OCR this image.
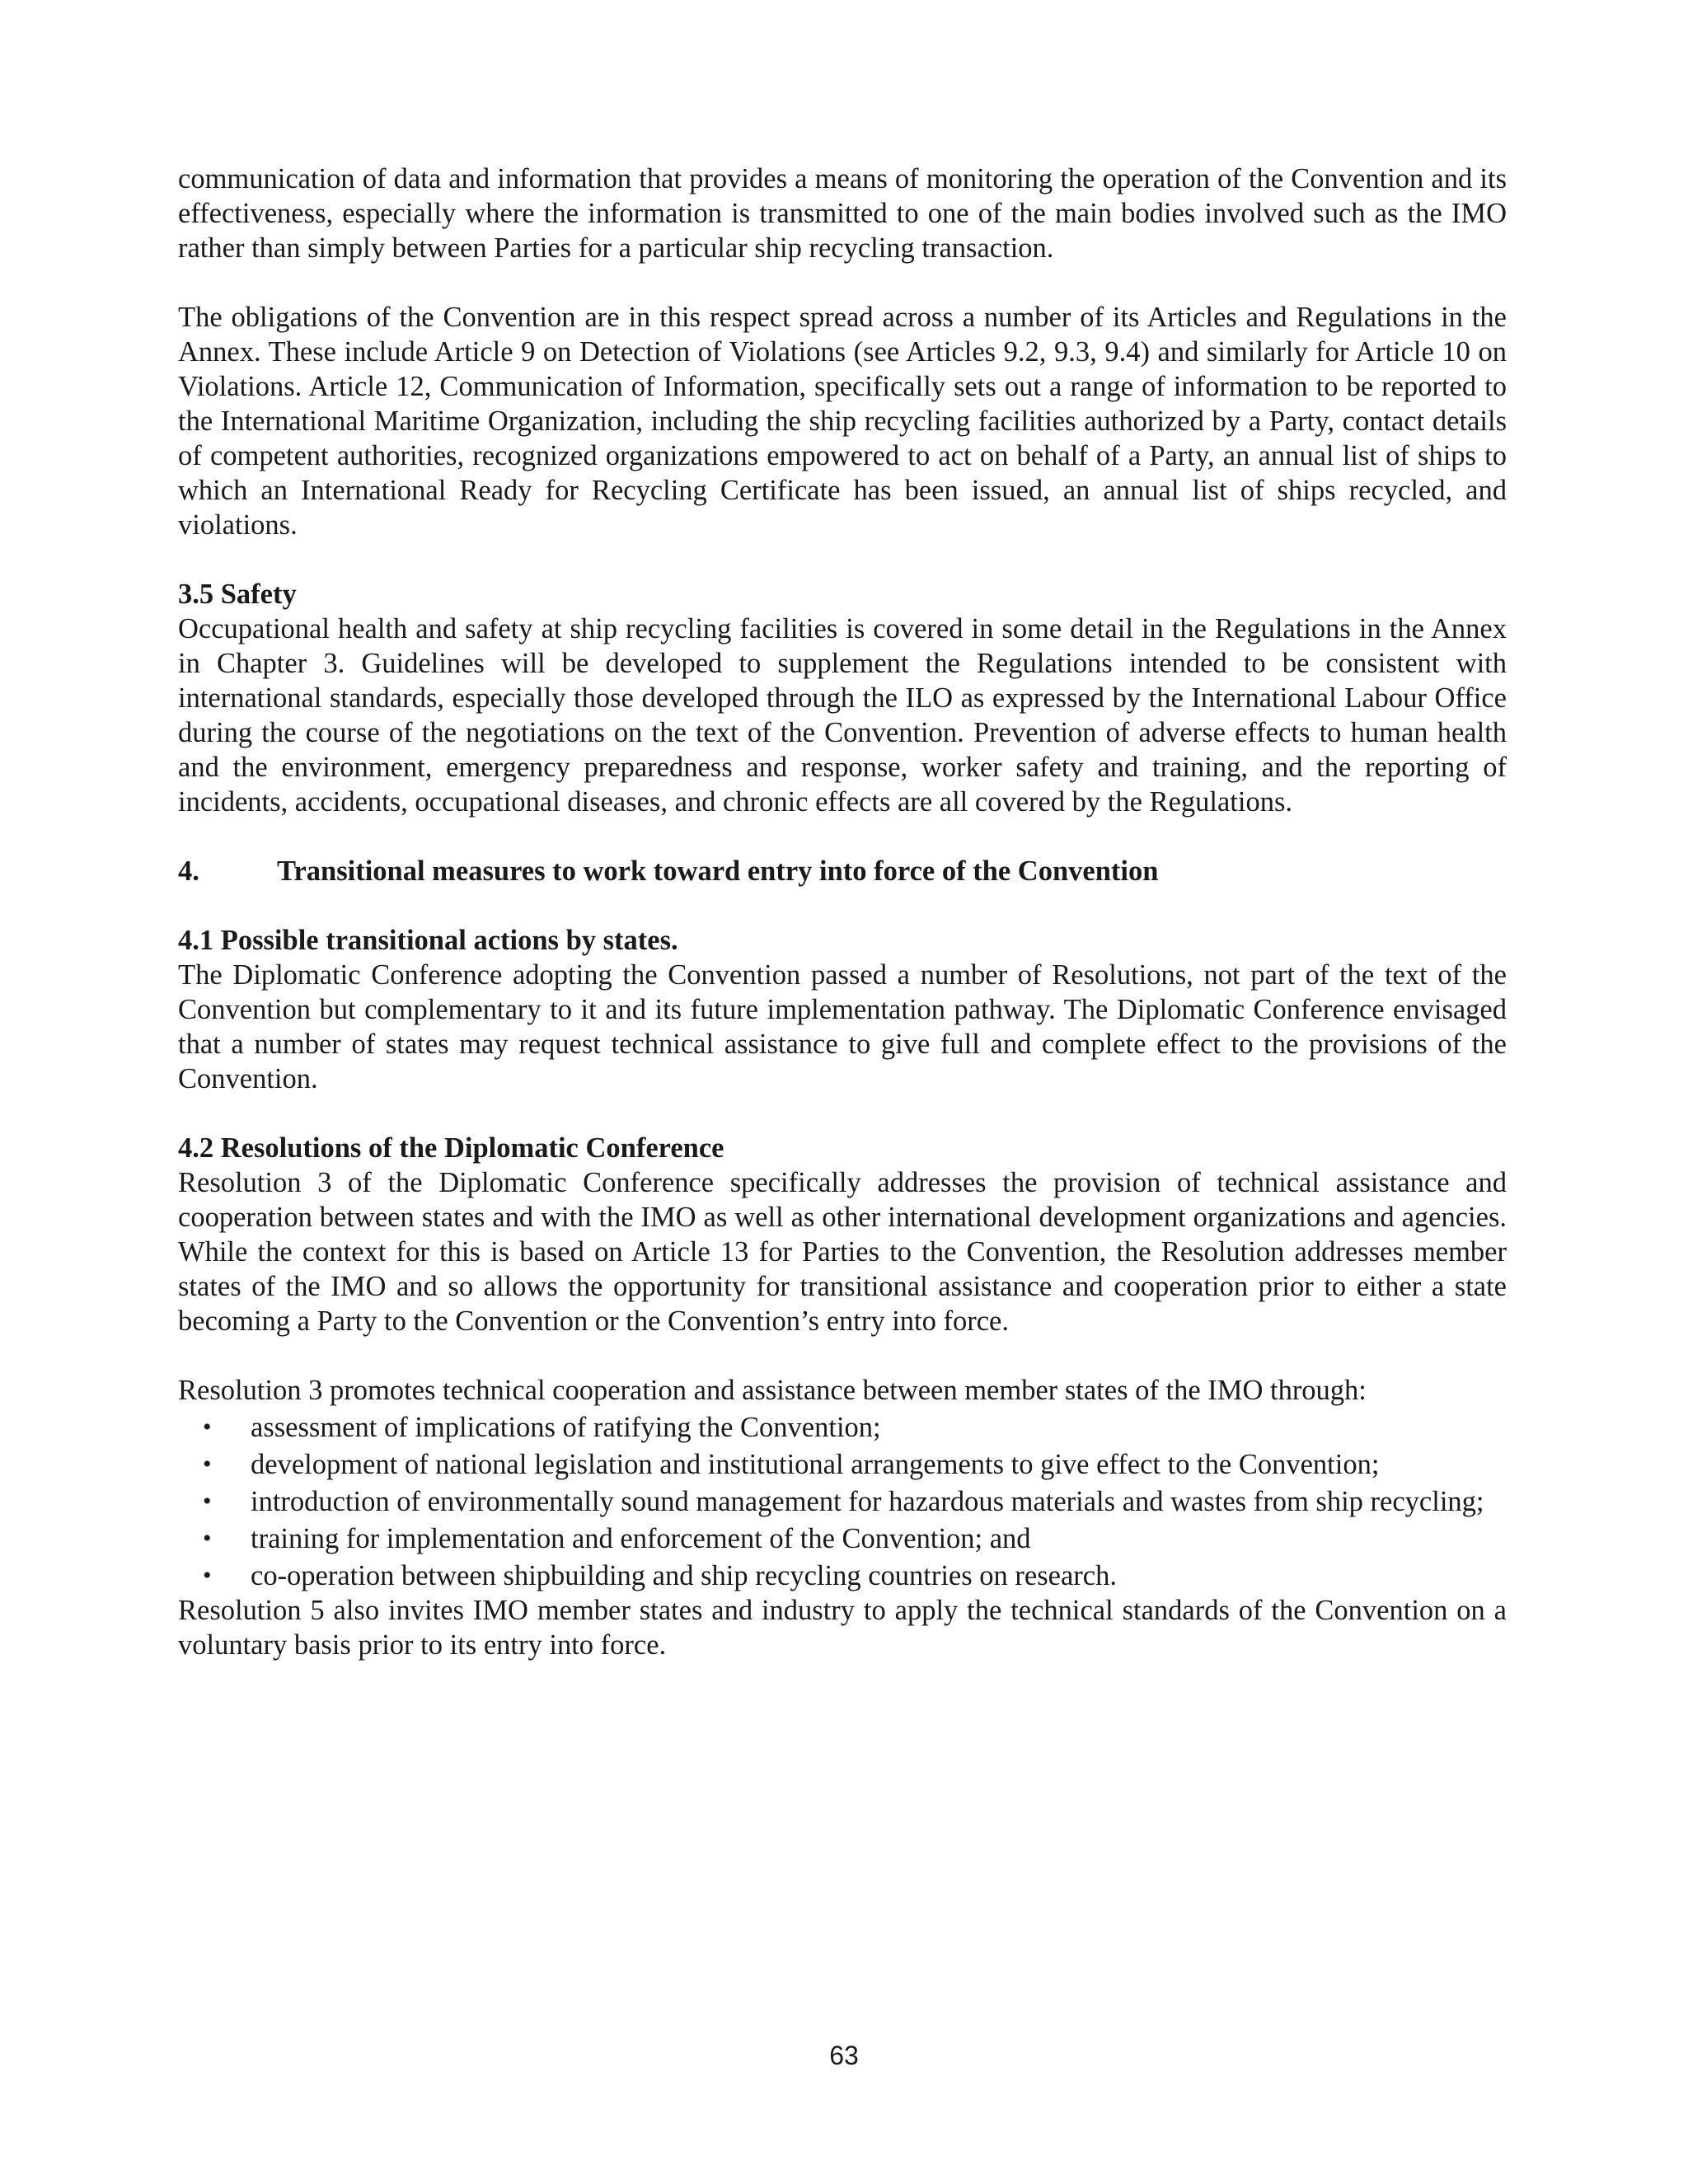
communication of data and information that provides a means of monitoring the operation of the Convention and its effectiveness, especially where the information is transmitted to one of the main bodies involved such as the IMO rather than simply between Parties for a particular ship recycling transaction.

The obligations of the Convention are in this respect spread across a number of its Articles and Regulations in the Annex. These include Article 9 on Detection of Violations (see Articles 9.2, 9.3, 9.4) and similarly for Article 10 on Violations. Article 12, Communication of Information, specifically sets out a range of information to be reported to the International Maritime Organization, including the ship recycling facilities authorized by a Party, contact details of competent authorities, recognized organizations empowered to act on behalf of a Party, an annual list of ships to which an International Ready for Recycling Certificate has been issued, an annual list of ships recycled, and violations.

3.5 Safety

Occupational health and safety at ship recycling facilities is covered in some detail in the Regulations in the Annex in Chapter 3. Guidelines will be developed to supplement the Regulations intended to be consistent with international standards, especially those developed through the ILO as expressed by the International Labour Office during the course of the negotiations on the text of the Convention. Prevention of adverse effects to human health and the environment, emergency preparedness and response, worker safety and training, and the reporting of incidents, accidents, occupational diseases, and chronic effects are all covered by the Regulations.

4.	Transitional measures to work toward entry into force of the Convention

4.1 Possible transitional actions by states.

The Diplomatic Conference adopting the Convention passed a number of Resolutions, not part of the text of the Convention but complementary to it and its future implementation pathway. The Diplomatic Conference envisaged that a number of states may request technical assistance to give full and complete effect to the provisions of the Convention.

4.2 Resolutions of the Diplomatic Conference

Resolution 3 of the Diplomatic Conference specifically addresses the provision of technical assistance and cooperation between states and with the IMO as well as other international development organizations and agencies. While the context for this is based on Article 13 for Parties to the Convention, the Resolution addresses member states of the IMO and so allows the opportunity for transitional assistance and cooperation prior to either a state becoming a Party to the Convention or the Convention’s entry into force.

Resolution 3 promotes technical cooperation and assistance between member states of the IMO through:

• assessment of implications of ratifying the Convention;
• development of national legislation and institutional arrangements to give effect to the Convention;
• introduction of environmentally sound management for hazardous materials and wastes from ship recycling;
• training for implementation and enforcement of the Convention; and
• co-operation between shipbuilding and ship recycling countries on research.

Resolution 5 also invites IMO member states and industry to apply the technical standards of the Convention on a voluntary basis prior to its entry into force.

63
